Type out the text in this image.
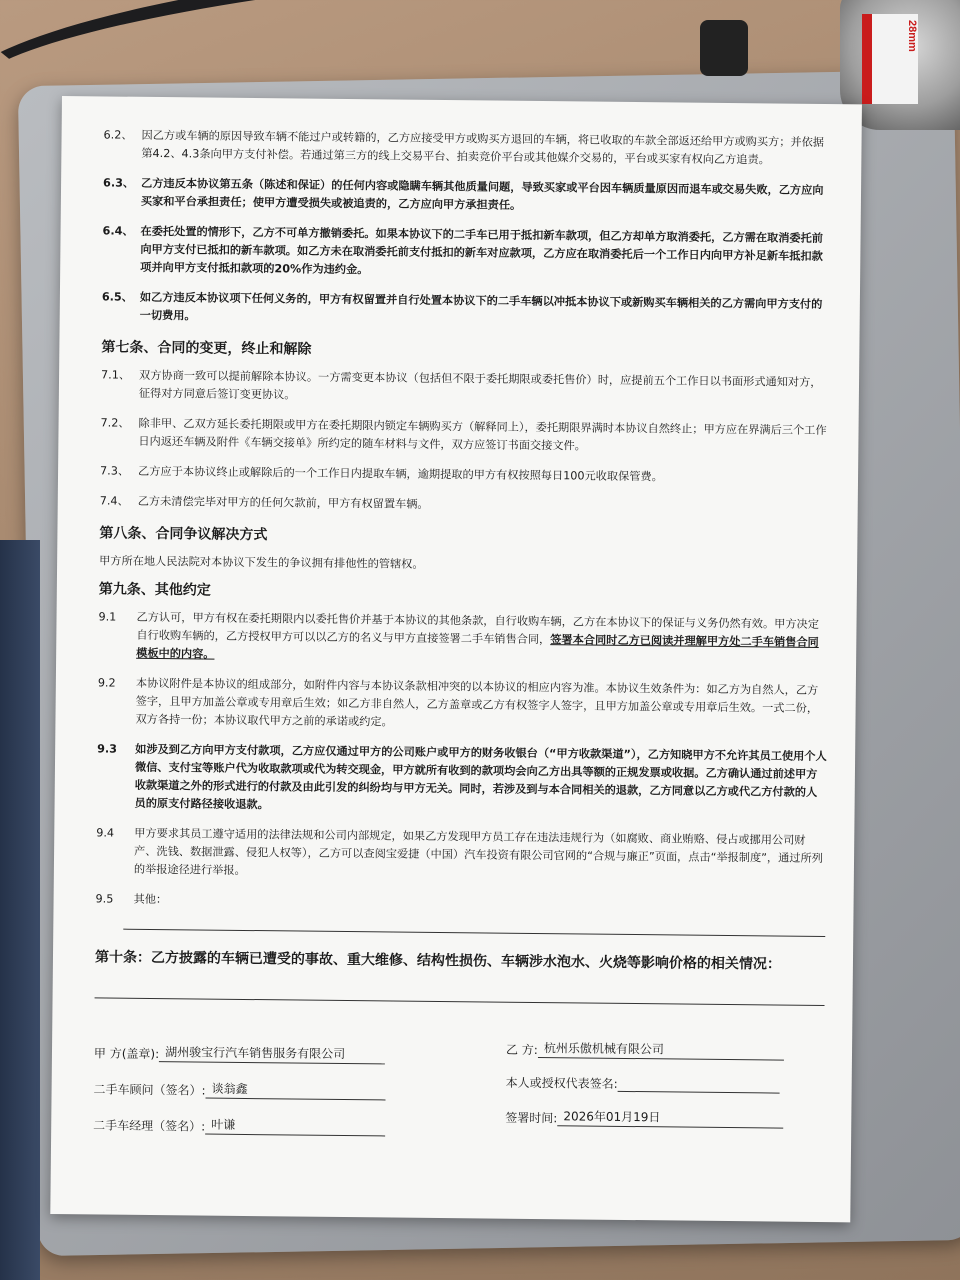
28mm
6.2、 因乙方或车辆的原因导致车辆不能过户或转籍的，乙方应接受甲方或购买方退回的车辆，将已收取的车款全部返还给甲方或购买方；并依据第4.2、4.3条向甲方支付补偿。若通过第三方的线上交易平台、拍卖竞价平台或其他媒介交易的，平台或买家有权向乙方追责。
6.3、 乙方违反本协议第五条（陈述和保证）的任何内容或隐瞒车辆其他质量问题，导致买家或平台因车辆质量原因而退车或交易失败，乙方应向买家和平台承担责任；使甲方遭受损失或被追责的，乙方应向甲方承担责任。
6.4、 在委托处置的情形下，乙方不可单方撤销委托。如果本协议下的二手车已用于抵扣新车款项，但乙方却单方取消委托，乙方需在取消委托前向甲方支付已抵扣的新车款项。如乙方未在取消委托前支付抵扣的新车对应款项，乙方应在取消委托后一个工作日内向甲方补足新车抵扣款项并向甲方支付抵扣款项的20%作为违约金。
6.5、 如乙方违反本协议项下任何义务的，甲方有权留置并自行处置本协议下的二手车辆以冲抵本协议下或新购买车辆相关的乙方需向甲方支付的一切费用。
第七条、合同的变更，终止和解除
7.1、 双方协商一致可以提前解除本协议。一方需变更本协议（包括但不限于委托期限或委托售价）时，应提前五个工作日以书面形式通知对方，征得对方同意后签订变更协议。
7.2、 除非甲、乙双方延长委托期限或甲方在委托期限内锁定车辆购买方（解释同上），委托期限界满时本协议自然终止；甲方应在界满后三个工作日内返还车辆及附件《车辆交接单》所约定的随车材料与文件，双方应签订书面交接文件。
7.3、 乙方应于本协议终止或解除后的一个工作日内提取车辆，逾期提取的甲方有权按照每日100元收取保管费。
7.4、 乙方未清偿完毕对甲方的任何欠款前，甲方有权留置车辆。
第八条、合同争议解决方式
甲方所在地人民法院对本协议下发生的争议拥有排他性的管辖权。
第九条、其他约定
9.1	乙方认可，甲方有权在委托期限内以委托售价并基于本协议的其他条款，自行收购车辆，乙方在本协议下的保证与义务仍然有效。甲方决定自行收购车辆的，乙方授权甲方可以以乙方的名义与甲方直接签署二手车销售合同，签署本合同时乙方已阅读并理解甲方处二手车销售合同模板中的内容。
9.2	本协议附件是本协议的组成部分，如附件内容与本协议条款相冲突的以本协议的相应内容为准。本协议生效条件为：如乙方为自然人，乙方签字，且甲方加盖公章或专用章后生效；如乙方非自然人，乙方盖章或乙方有权签字人签字，且甲方加盖公章或专用章后生效。一式二份，双方各持一份；本协议取代甲方之前的承诺或约定。
9.3	如涉及到乙方向甲方支付款项，乙方应仅通过甲方的公司账户或甲方的财务收银台（“甲方收款渠道”），乙方知晓甲方不允许其员工使用个人微信、支付宝等账户代为收取款项或代为转交现金，甲方就所有收到的款项均会向乙方出具等额的正规发票或收据。乙方确认通过前述甲方收款渠道之外的形式进行的付款及由此引发的纠纷均与甲方无关。同时，若涉及到与本合同相关的退款，乙方同意以乙方或代乙方付款的人员的原支付路径接收退款。
9.4	甲方要求其员工遵守适用的法律法规和公司内部规定，如果乙方发现甲方员工存在违法违规行为（如腐败、商业贿赂、侵占或挪用公司财产、洗钱、数据泄露、侵犯人权等），乙方可以查阅宝爱捷（中国）汽车投资有限公司官网的“合规与廉正”页面，点击“举报制度”，通过所列的举报途径进行举报。
9.5	其他：
第十条：乙方披露的车辆已遭受的事故、重大维修、结构性损伤、车辆涉水泡水、火烧等影响价格的相关情况：
甲 方(盖章): 湖州骏宝行汽车销售服务有限公司
二手车顾问（签名）: 谈翁鑫
二手车经理（签名）: 叶谦
乙 方: 杭州乐傲机械有限公司
本人或授权代表签名:
签署时间: 2026年01月19日
